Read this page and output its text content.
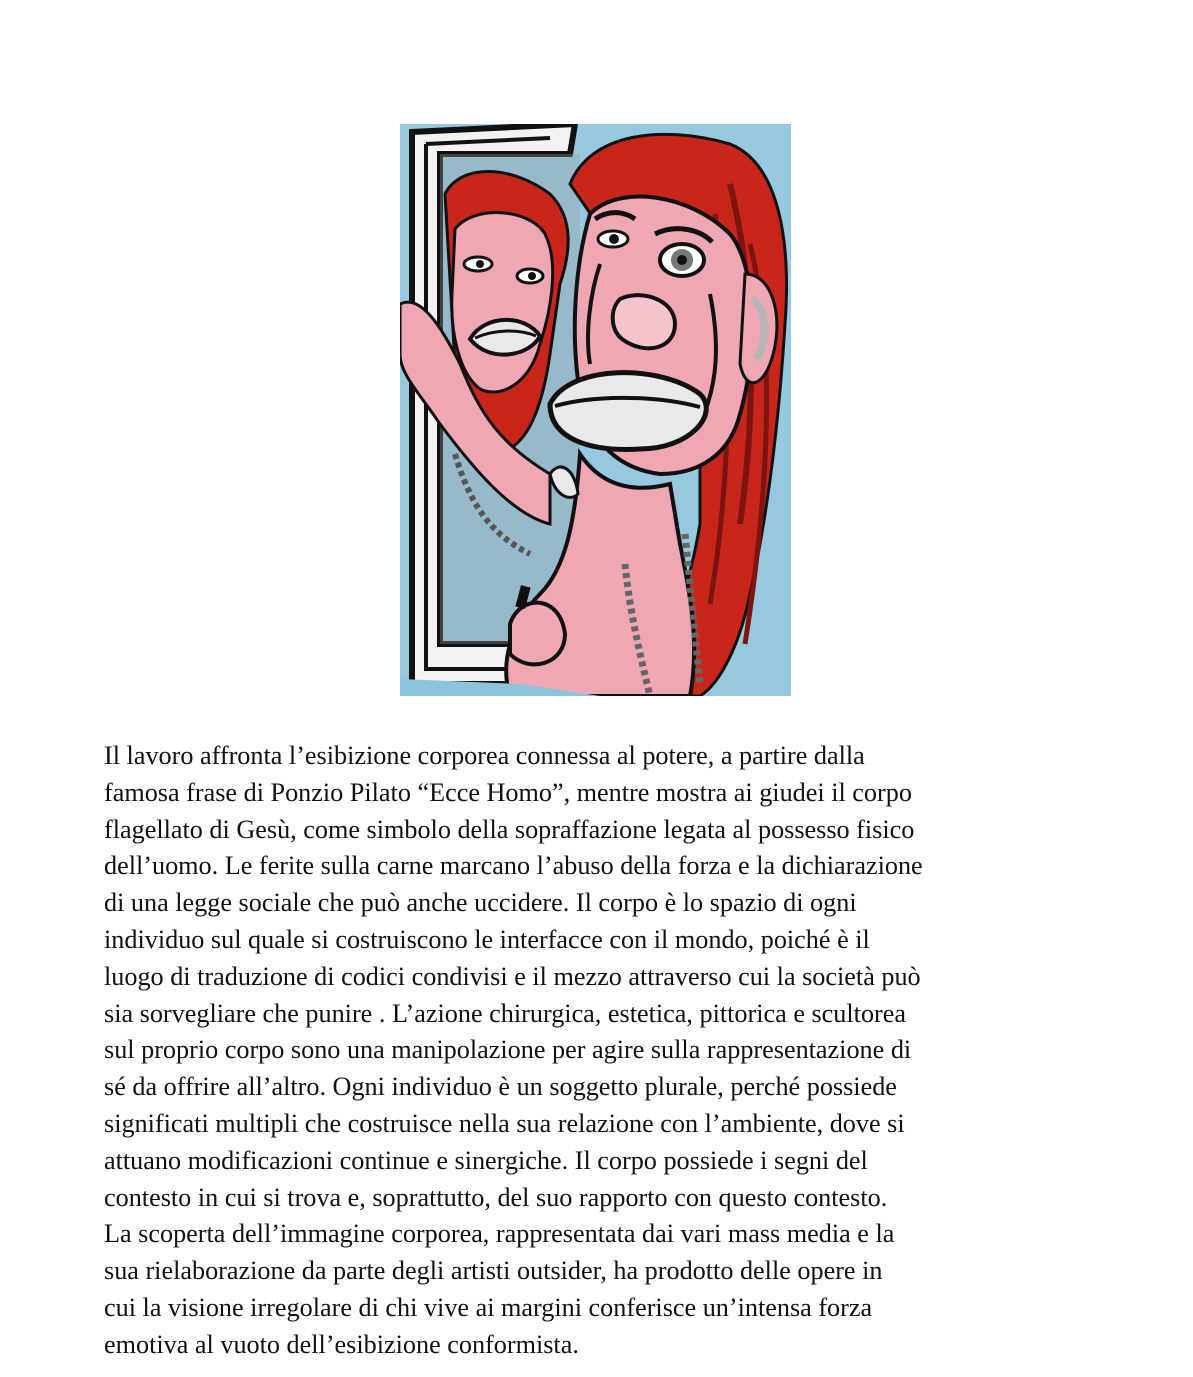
Il lavoro affronta l’esibizione corporea connessa al potere, a partire dalla
famosa frase di Ponzio Pilato “Ecce Homo”, mentre mostra ai giudei il corpo
flagellato di Gesù, come simbolo della sopraffazione legata al possesso fisico
dell’uomo. Le ferite sulla carne marcano l’abuso della forza e la dichiarazione
di una legge sociale che può anche uccidere. Il corpo è lo spazio di ogni
individuo sul quale si costruiscono le interfacce con il mondo, poiché è il
luogo di traduzione di codici condivisi e il mezzo attraverso cui la società può
sia sorvegliare che punire . L’azione chirurgica, estetica, pittorica e scultorea
sul proprio corpo sono una manipolazione per agire sulla rappresentazione di
sé da offrire all’altro. Ogni individuo è un soggetto plurale, perché possiede
significati multipli che costruisce nella sua relazione con l’ambiente, dove si
attuano modificazioni continue e sinergiche. Il corpo possiede i segni del
contesto in cui si trova e, soprattutto, del suo rapporto con questo contesto.
La scoperta dell’immagine corporea, rappresentata dai vari mass media e la
sua rielaborazione da parte degli artisti outsider, ha prodotto delle opere in
cui la visione irregolare di chi vive ai margini conferisce un’intensa forza
emotiva al vuoto dell’esibizione conformista.
